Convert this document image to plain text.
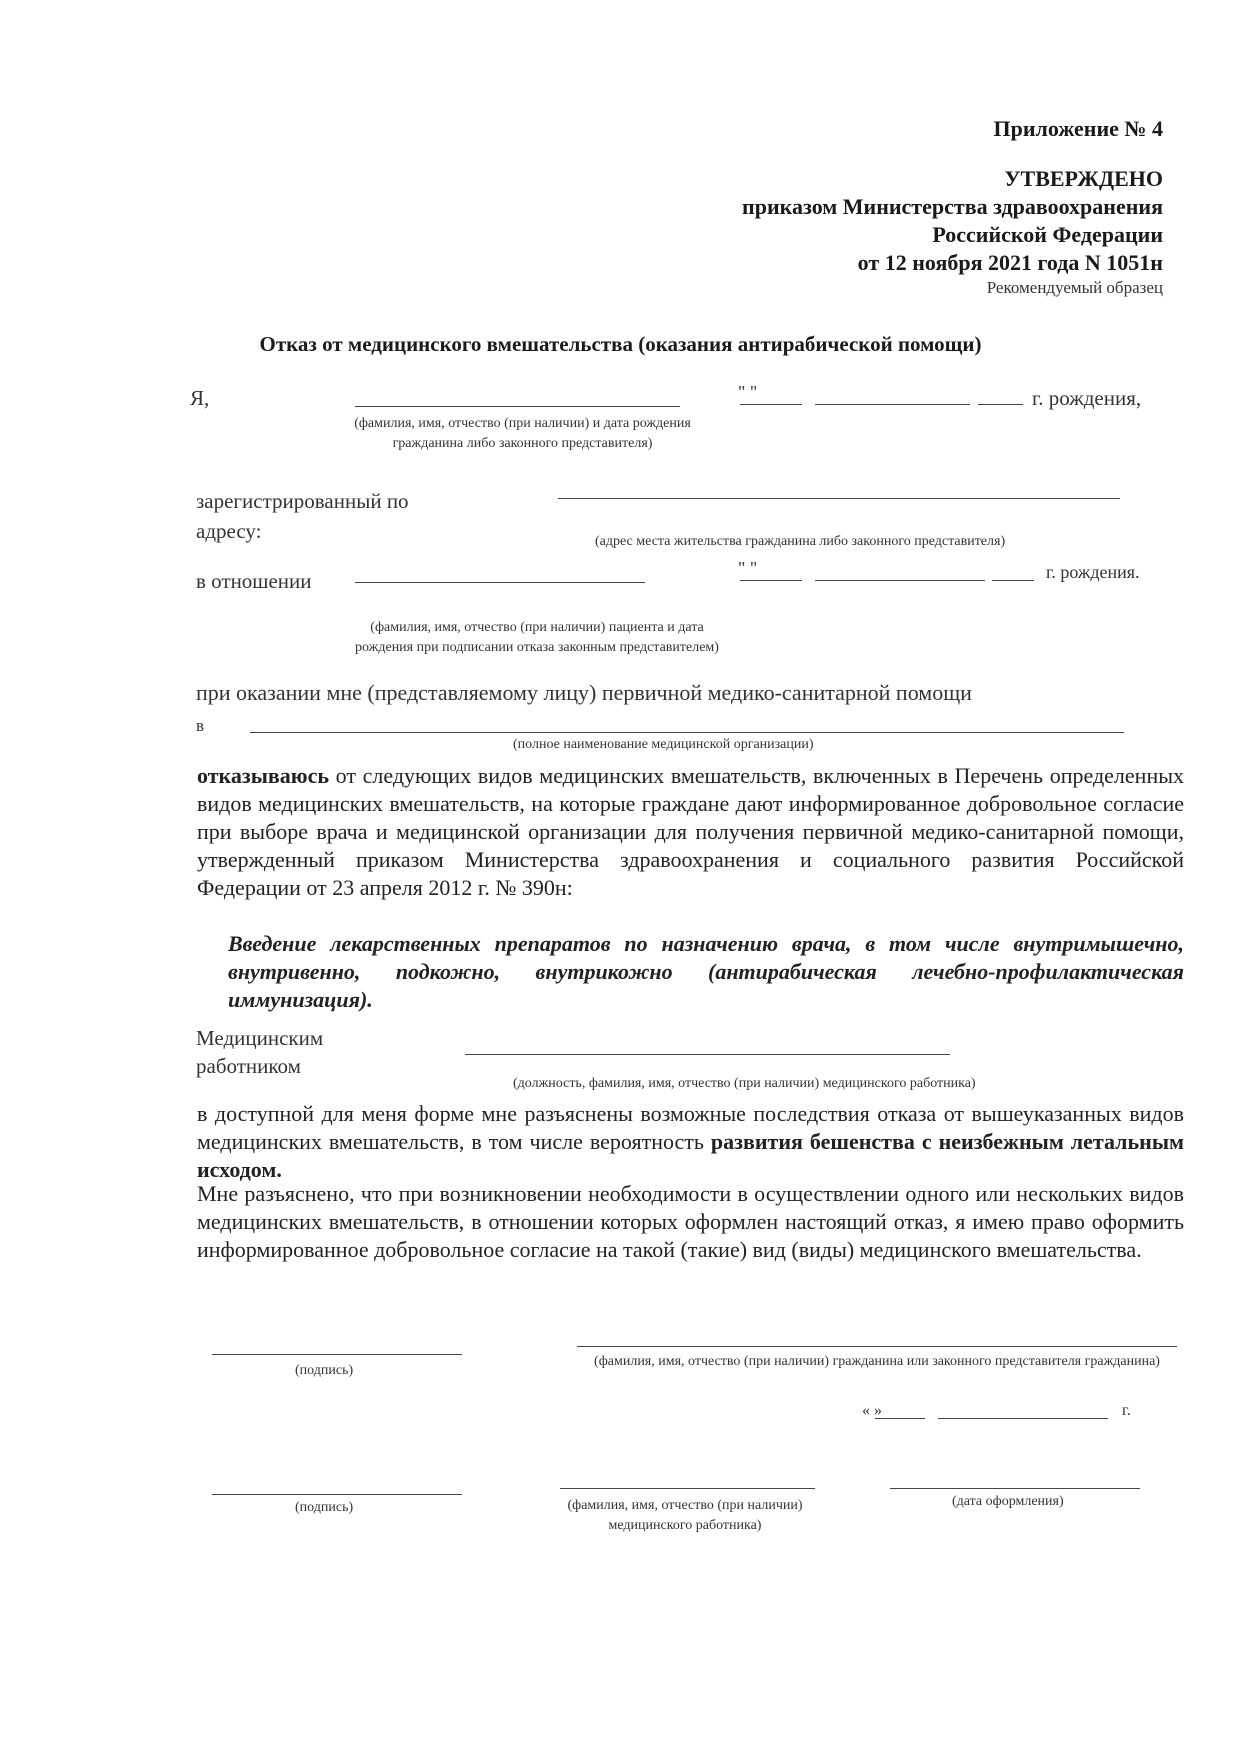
Приложение № 4
УТВЕРЖДЕНО
приказом Министерства здравоохранения
Российской Федерации
от 12 ноября 2021 года N 1051н
Рекомендуемый образец
Отказ от медицинского вмешательства (оказания антирабической помощи)
Я,	" "	г. рождения,
(фамилия, имя, отчество (при наличии) и дата рождения гражданина либо законного представителя)
зарегистрированный по адресу:	(адрес места жительства гражданина либо законного представителя)
в отношении
" "	г. рождения.
(фамилия, имя, отчество (при наличии) пациента и дата рождения при подписании отказа законным представителем)
при оказании мне (представляемому лицу) первичной медико-санитарной помощи
в
(полное наименование медицинской организации)
отказываюсь от следующих видов медицинских вмешательств, включенных в Перечень определенных видов медицинских вмешательств, на которые граждане дают информированное добровольное согласие при выборе врача и медицинской организации для получения первичной медико-санитарной помощи, утвержденный приказом Министерства здравоохранения и социального развития Российской Федерации от 23 апреля 2012 г. № 390н:
Введение лекарственных препаратов по назначению врача, в том числе внутримышечно, внутривенно, подкожно, внутрикожно (антирабическая лечебно-профилактическая иммунизация).
Медицинским
работником
(должность, фамилия, имя, отчество (при наличии) медицинского работника)
в доступной для меня форме мне разъяснены возможные последствия отказа от вышеуказанных видов медицинских вмешательств, в том числе вероятность развития бешенства с неизбежным летальным исходом.
Мне разъяснено, что при возникновении необходимости в осуществлении одного или нескольких видов медицинских вмешательств, в отношении которых оформлен настоящий отказ, я имею право оформить информированное добровольное согласие на такой (такие) вид (виды) медицинского вмешательства.
(подпись)
(фамилия, имя, отчество (при наличии) гражданина или законного представителя гражданина)
« »	г.
(подпись)	(фамилия, имя, отчество (при наличии) медицинского работника)
(дата оформления)
